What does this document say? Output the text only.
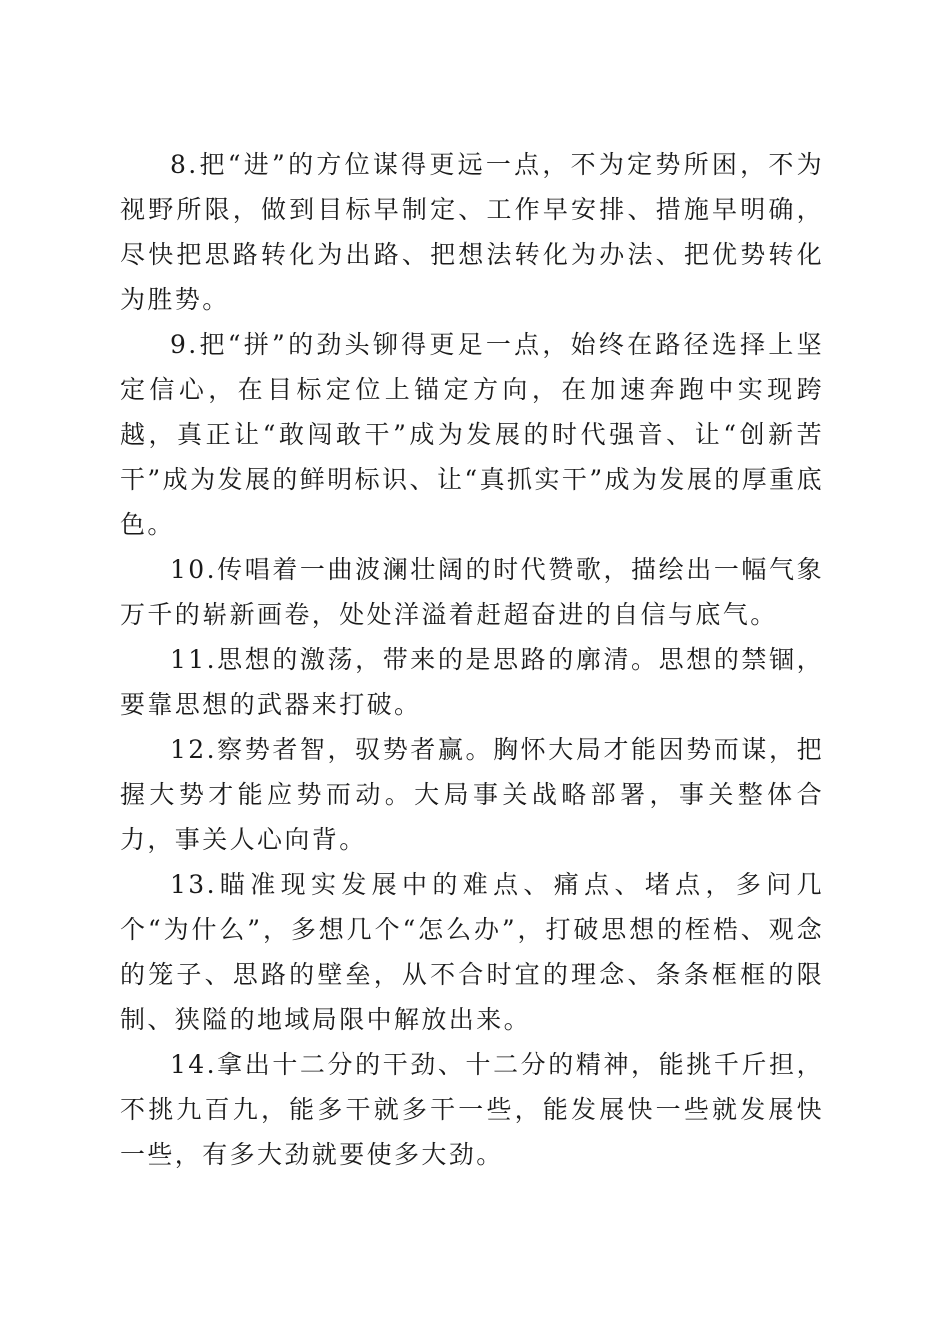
8.把“进”的方位谋得更远一点，不为定势所困，不为视野所限，做到目标早制定、工作早安排、措施早明确，尽快把思路转化为出路、把想法转化为办法、把优势转化为胜势。

9.把“拼”的劲头铆得更足一点，始终在路径选择上坚定信心，在目标定位上锚定方向，在加速奔跑中实现跨越，真正让“敢闯敢干”成为发展的时代强音、让“创新苦干”成为发展的鲜明标识、让“真抓实干”成为发展的厚重底色。

10.传唱着一曲波澜壮阔的时代赞歌，描绘出一幅气象万千的崭新画卷，处处洋溢着赶超奋进的自信与底气。

11.思想的激荡，带来的是思路的廓清。思想的禁锢，要靠思想的武器来打破。

12.察势者智，驭势者赢。胸怀大局才能因势而谋，把握大势才能应势而动。大局事关战略部署，事关整体合力，事关人心向背。

13.瞄准现实发展中的难点、痛点、堵点，多问几个“为什么”，多想几个“怎么办”，打破思想的桎梏、观念的笼子、思路的壁垒，从不合时宜的理念、条条框框的限制、狭隘的地域局限中解放出来。

14.拿出十二分的干劲、十二分的精神，能挑千斤担，不挑九百九，能多干就多干一些，能发展快一些就发展快一些，有多大劲就要使多大劲。
